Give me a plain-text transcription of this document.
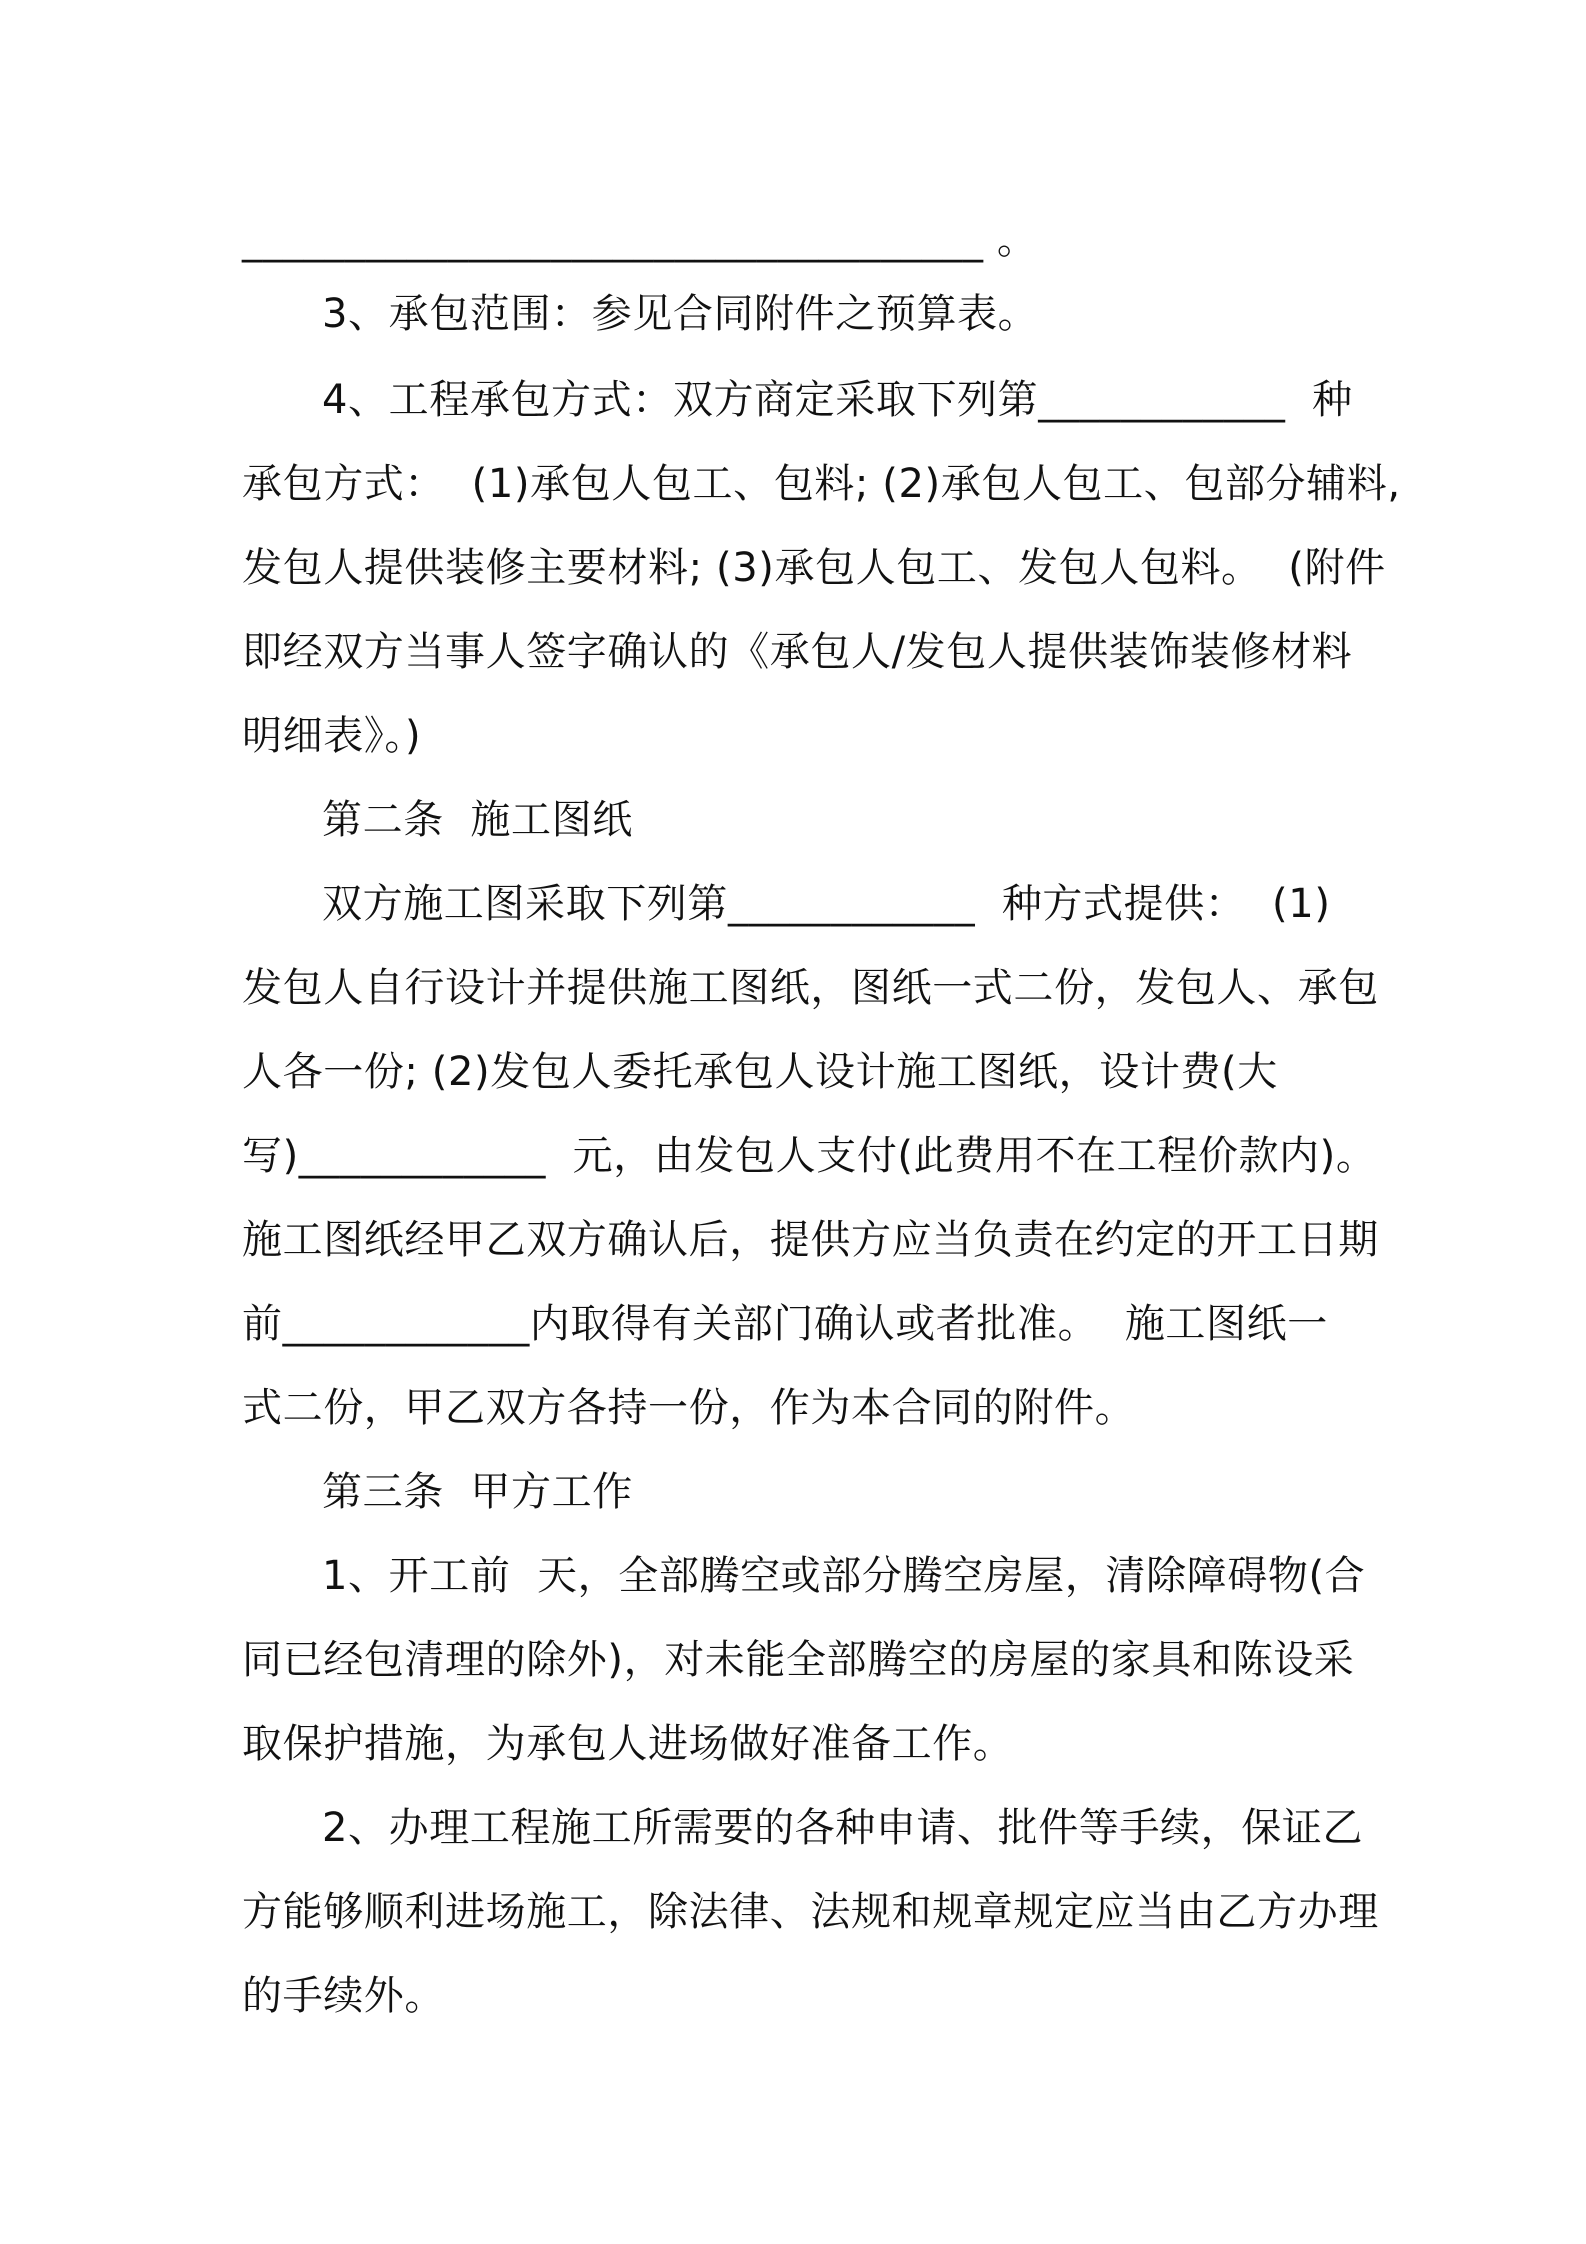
____________________________________ 。
3、承包范围：参见合同附件之预算表。
4、工程承包方式：双方商定采取下列第____________  种
承包方式：  (1)承包人包工、包料; (2)承包人包工、包部分辅料,
发包人提供装修主要材料; (3)承包人包工、发包人包料。  (附件
即经双方当事人签字确认的《承包人/发包人提供装饰装修材料
明细表》。)
第二条  施工图纸
双方施工图采取下列第____________  种方式提供：  (1)
发包人自行设计并提供施工图纸，图纸一式二份，发包人、承包
人各一份; (2)发包人委托承包人设计施工图纸，设计费(大
写)____________  元，由发包人支付(此费用不在工程价款内)。
施工图纸经甲乙双方确认后，提供方应当负责在约定的开工日期
前____________内取得有关部门确认或者批准。  施工图纸一
式二份，甲乙双方各持一份，作为本合同的附件。
第三条  甲方工作
1、开工前  天，全部腾空或部分腾空房屋，清除障碍物(合
同已经包清理的除外)，对未能全部腾空的房屋的家具和陈设采
取保护措施，为承包人进场做好准备工作。
2、办理工程施工所需要的各种申请、批件等手续，保证乙
方能够顺利进场施工，除法律、法规和规章规定应当由乙方办理
的手续外。
